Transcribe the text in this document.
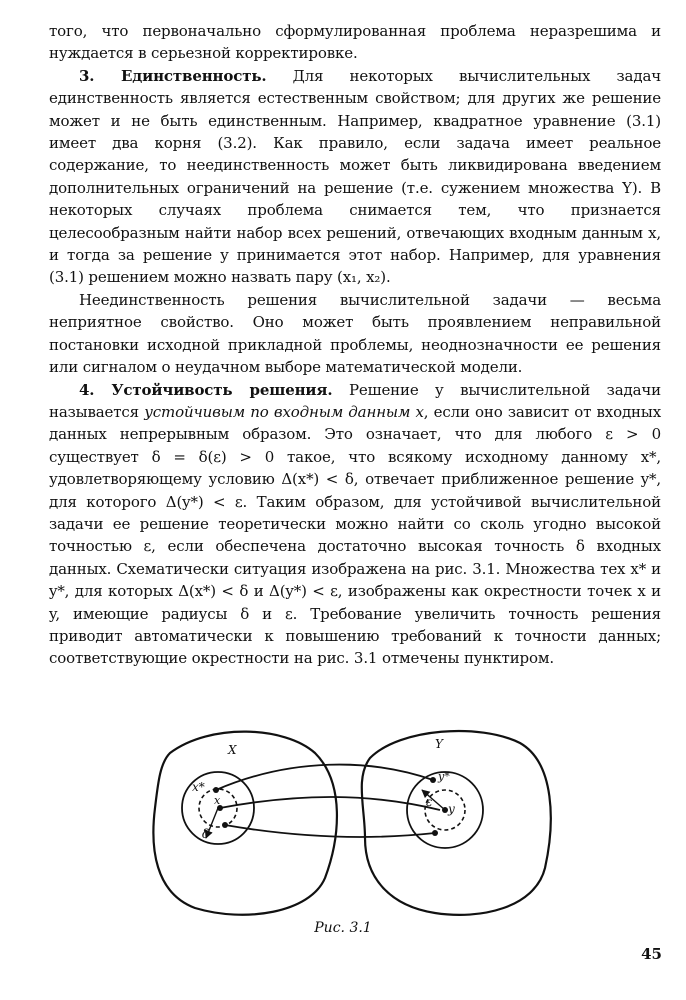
того, что первоначально сформулированная проблема неразрешима и нуждается в серьезной корректировке.

3. Единственность. Для некоторых вычислительных задач единственность является естественным свойством; для других же решение может и не быть единственным. Например, квадратное уравнение (3.1) имеет два корня (3.2). Как правило, если задача имеет реальное содержание, то неединственность может быть ликвидирована введением дополнительных ограничений на решение (т.е. сужением множества Y). В некоторых случаях проблема снимается тем, что признается целесообразным найти набор всех решений, отвечающих входным данным x, и тогда за решение y принимается этот набор. Например, для уравнения (3.1) решением можно назвать пару (x₁, x₂).

Неединственность решения вычислительной задачи — весьма неприятное свойство. Оно может быть проявлением неправильной постановки исходной прикладной проблемы, неоднозначности ее решения или сигналом о неудачном выборе математической модели.

4. Устойчивость решения. Решение y вычислительной задачи называется устойчивым по входным данным x, если оно зависит от входных данных непрерывным образом. Это означает, что для любого ε > 0 существует δ = δ(ε) > 0 такое, что всякому исходному данному x*, удовлетворяющему условию Δ(x*) < δ, отвечает приближенное решение y*, для которого Δ(y*) < ε. Таким образом, для устойчивой вычислительной задачи ее решение теоретически можно найти со сколь угодно высокой точностью ε, если обеспечена достаточно высокая точность δ входных данных. Схематически ситуация изображена на рис. 3.1. Множества тех x* и y*, для которых Δ(x*) < δ и Δ(y*) < ε, изображены как окрестности точек x и y, имеющие радиусы δ и ε. Требование увеличить точность решения приводит автоматически к повышению требований к точности данных; соответствующие окрестности на рис. 3.1 отмечены пунктиром.

X	Y
x*
x
δ
y*
y
ε
Рис. 3.1
45
